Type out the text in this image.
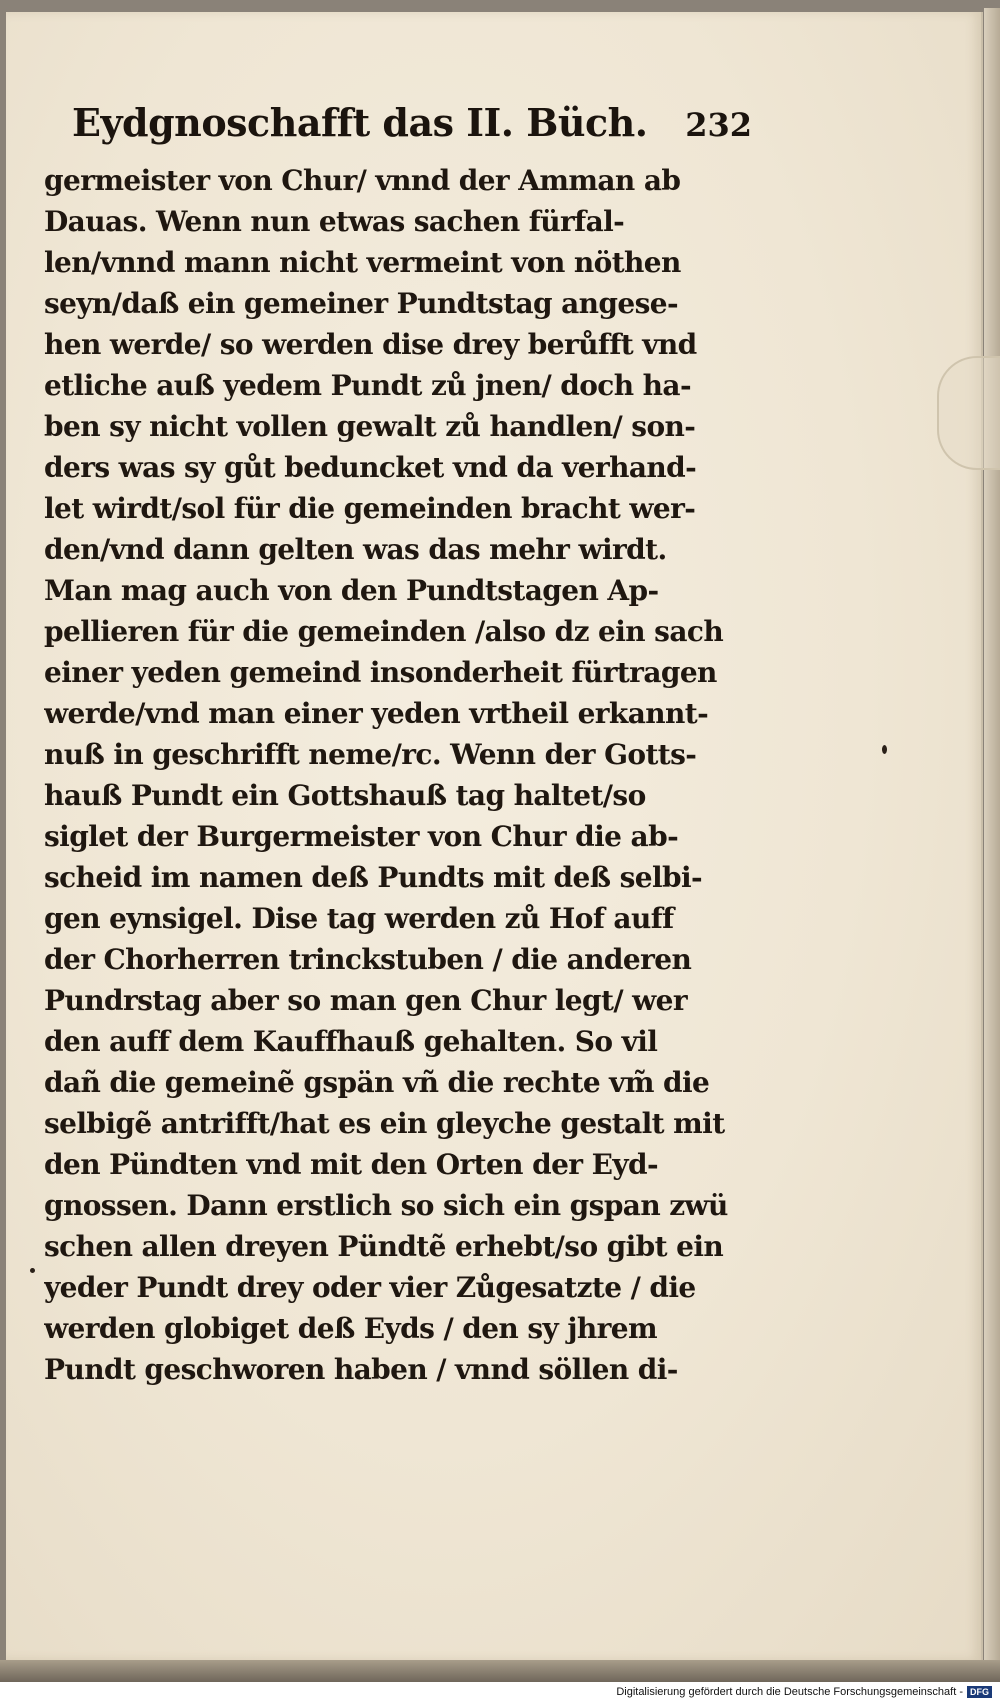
Eydgnoschafft das II. Büch. 232
germeister von Chur/ vnnd der Amman ab
Dauas. Wenn nun etwas sachen fürfal-
len/vnnd mann nicht vermeint von nöthen
seyn/daß ein gemeiner Pundtstag angese-
hen werde/ so werden dise drey berůfft vnd
etliche auß yedem Pundt zů jnen/ doch ha-
ben sy nicht vollen gewalt zů handlen/ son-
ders was sy gůt beduncket vnd da verhand-
let wirdt/sol für die gemeinden bracht wer-
den/vnd dann gelten was das mehr wirdt.
Man mag auch von den Pundtstagen Ap-
pellieren für die gemeinden /also dz ein sach
einer yeden gemeind insonderheit fürtragen
werde/vnd man einer yeden vrtheil erkannt-
nuß in geschrifft neme/rc. Wenn der Gotts-
hauß Pundt ein Gottshauß tag haltet/so
siglet der Burgermeister von Chur die ab-
scheid im namen deß Pundts mit deß selbi-
gen eynsigel. Dise tag werden zů Hof auff
der Chorherren trinckstuben / die anderen
Pundrstag aber so man gen Chur legt/ wer
den auff dem Kauffhauß gehalten. So vil
dañ die gemeinẽ gspän vñ die rechte vm̃ die
selbigẽ antrifft/hat es ein gleyche gestalt mit
den Pündten vnd mit den Orten der Eyd-
gnossen. Dann erstlich so sich ein gspan zwü
schen allen dreyen Pündtẽ erhebt/so gibt ein
yeder Pundt drey oder vier Zůgesatzte / die
werden globiget deß Eyds / den sy jhrem
Pundt geschworen haben / vnnd söllen di-
Digitalisierung gefördert durch die Deutsche Forschungsgemeinschaft - DFG
